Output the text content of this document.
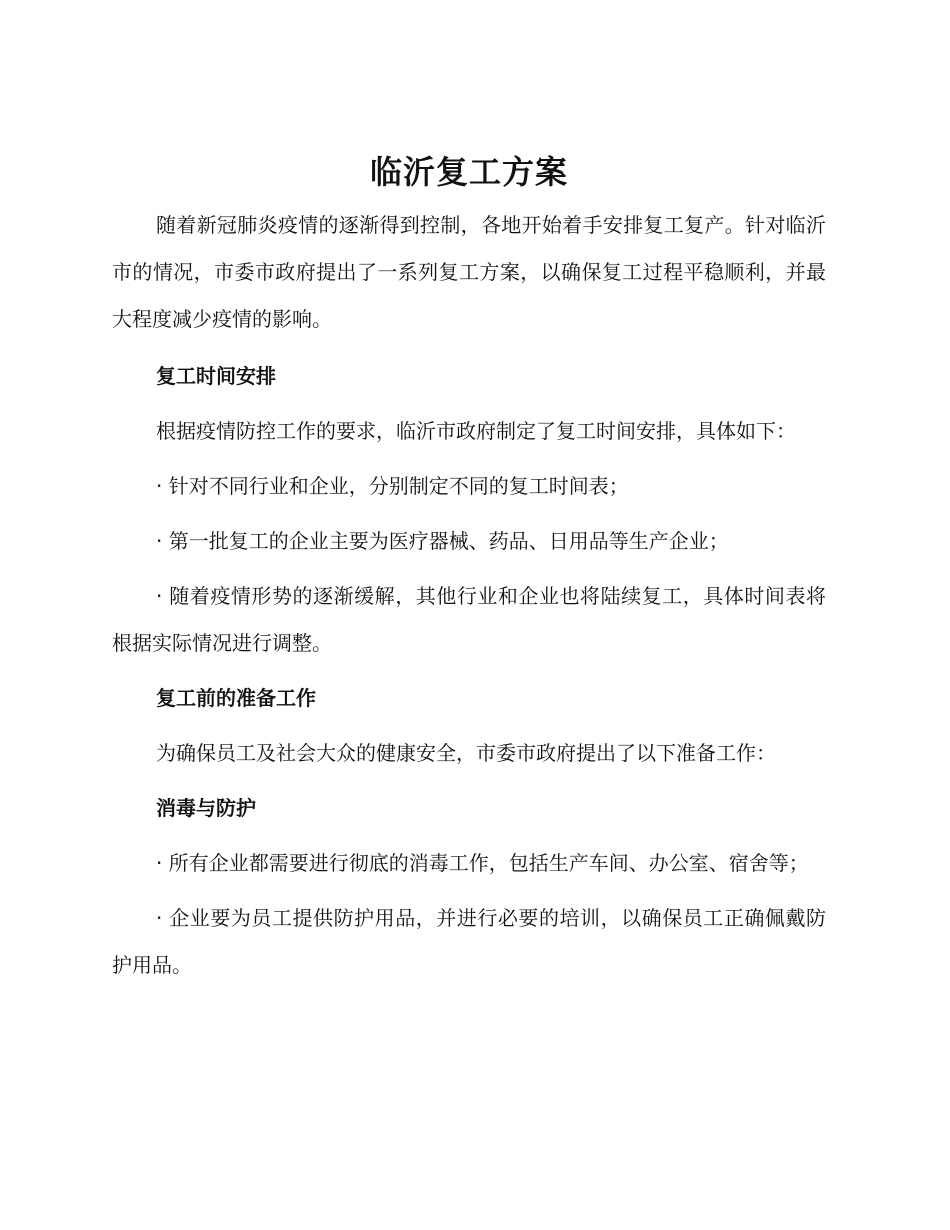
临沂复工方案

随着新冠肺炎疫情的逐渐得到控制，各地开始着手安排复工复产。针对临沂市的情况，市委市政府提出了一系列复工方案，以确保复工过程平稳顺利，并最大程度减少疫情的影响。

复工时间安排

根据疫情防控工作的要求，临沂市政府制定了复工时间安排，具体如下：

· 针对不同行业和企业，分别制定不同的复工时间表；

· 第一批复工的企业主要为医疗器械、药品、日用品等生产企业；

· 随着疫情形势的逐渐缓解，其他行业和企业也将陆续复工，具体时间表将根据实际情况进行调整。

复工前的准备工作

为确保员工及社会大众的健康安全，市委市政府提出了以下准备工作：

消毒与防护

· 所有企业都需要进行彻底的消毒工作，包括生产车间、办公室、宿舍等；

· 企业要为员工提供防护用品，并进行必要的培训，以确保员工正确佩戴防护用品。
